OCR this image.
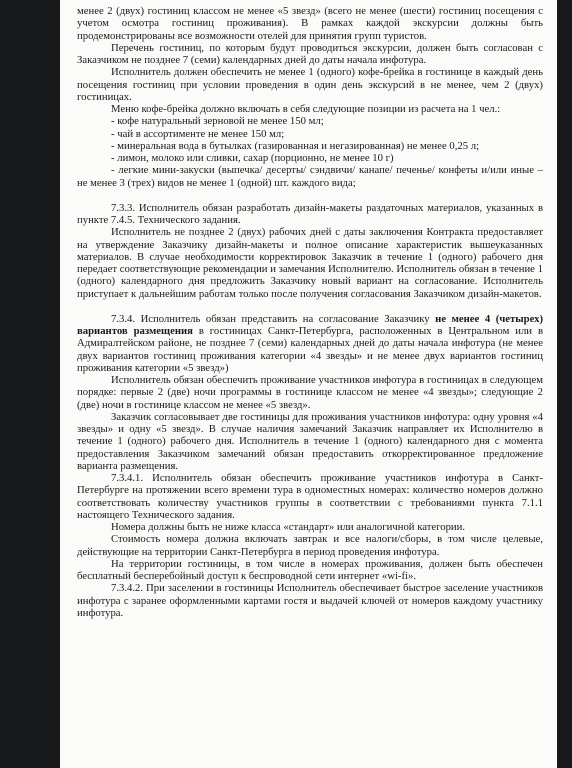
менее 2 (двух) гостиниц классом не менее «5 звезд» (всего не менее (шести) гостиниц посещения с учетом осмотра гостиниц проживания). В рамках каждой экскурсии должны быть продемонстрированы все возможности отелей для принятия групп туристов.

Перечень гостиниц, по которым будут проводиться экскурсии, должен быть согласован с Заказчиком не позднее 7 (семи) календарных дней до даты начала инфотура.

Исполнитель должен обеспечить не менее 1 (одного) кофе-брейка в гостинице в каждый день посещения гостиниц при условии проведения в один день экскурсий в не менее, чем 2 (двух) гостиницах.

Меню кофе-брейка должно включать в себя следующие позиции из расчета на 1 чел.:

- кофе натуральный зерновой не менее 150 мл;

- чай в ассортименте не менее 150 мл;

- минеральная вода в бутылках (газированная и негазированная) не менее 0,25 л;

- лимон, молоко или сливки, сахар (порционно, не менее 10 г)

- легкие мини-закуски (выпечка/ десерты/ сэндвичи/ канапе/ печенье/ конфеты и/или иные – не менее 3 (трех) видов не менее 1 (одной) шт. каждого вида;

7.3.3. Исполнитель обязан разработать дизайн-макеты раздаточных материалов, указанных в пункте 7.4.5. Технического задания.

Исполнитель не позднее 2 (двух) рабочих дней с даты заключения Контракта предоставляет на утверждение Заказчику дизайн-макеты и полное описание характеристик вышеуказанных материалов. В случае необходимости корректировок Заказчик в течение 1 (одного) рабочего дня передает соответствующие рекомендации и замечания Исполнителю. Исполнитель обязан в течение 1 (одного) календарного дня предложить Заказчику новый вариант на согласование. Исполнитель приступает к дальнейшим работам только после получения согласования Заказчиком дизайн-макетов.

7.3.4. Исполнитель обязан представить на согласование Заказчику не менее 4 (четырех) вариантов размещения в гостиницах Санкт-Петербурга, расположенных в Центральном или в Адмиралтейском районе, не позднее 7 (семи) календарных дней до даты начала инфотура (не менее двух вариантов гостиниц проживания категории «4 звезды» и не менее двух вариантов гостиниц проживания категории «5 звезд»)

Исполнитель обязан обеспечить проживание участников инфотура в гостиницах в следующем порядке: первые 2 (две) ночи программы в гостинице классом не менее «4 звезды»; следующие 2 (две) ночи в гостинице классом не менее «5 звезд».

Заказчик согласовывает две гостиницы для проживания участников инфотура: одну уровня «4 звезды» и одну «5 звезд». В случае наличия замечаний Заказчик направляет их Исполнителю в течение 1 (одного) рабочего дня. Исполнитель в течение 1 (одного) календарного дня с момента предоставления Заказчиком замечаний обязан предоставить откорректированное предложение варианта размещения.

7.3.4.1. Исполнитель обязан обеспечить проживание участников инфотура в Санкт-Петербурге на протяжении всего времени тура в одноместных номерах: количество номеров должно соответствовать количеству участников группы в соответствии с требованиями пункта 7.1.1 настоящего Технического задания.

Номера должны быть не ниже класса «стандарт» или аналогичной категории.

Стоимость номера должна включать завтрак и все налоги/сборы, в том числе целевые, действующие на территории Санкт-Петербурга в период проведения инфотура.

На территории гостиницы, в том числе в номерах проживания, должен быть обеспечен бесплатный бесперебойный доступ к беспроводной сети интернет «wi-fi».

7.3.4.2. При заселении в гостиницы Исполнитель обеспечивает быстрое заселение участников инфотура с заранее оформленными картами гостя и выдачей ключей от номеров каждому участнику инфотура.
